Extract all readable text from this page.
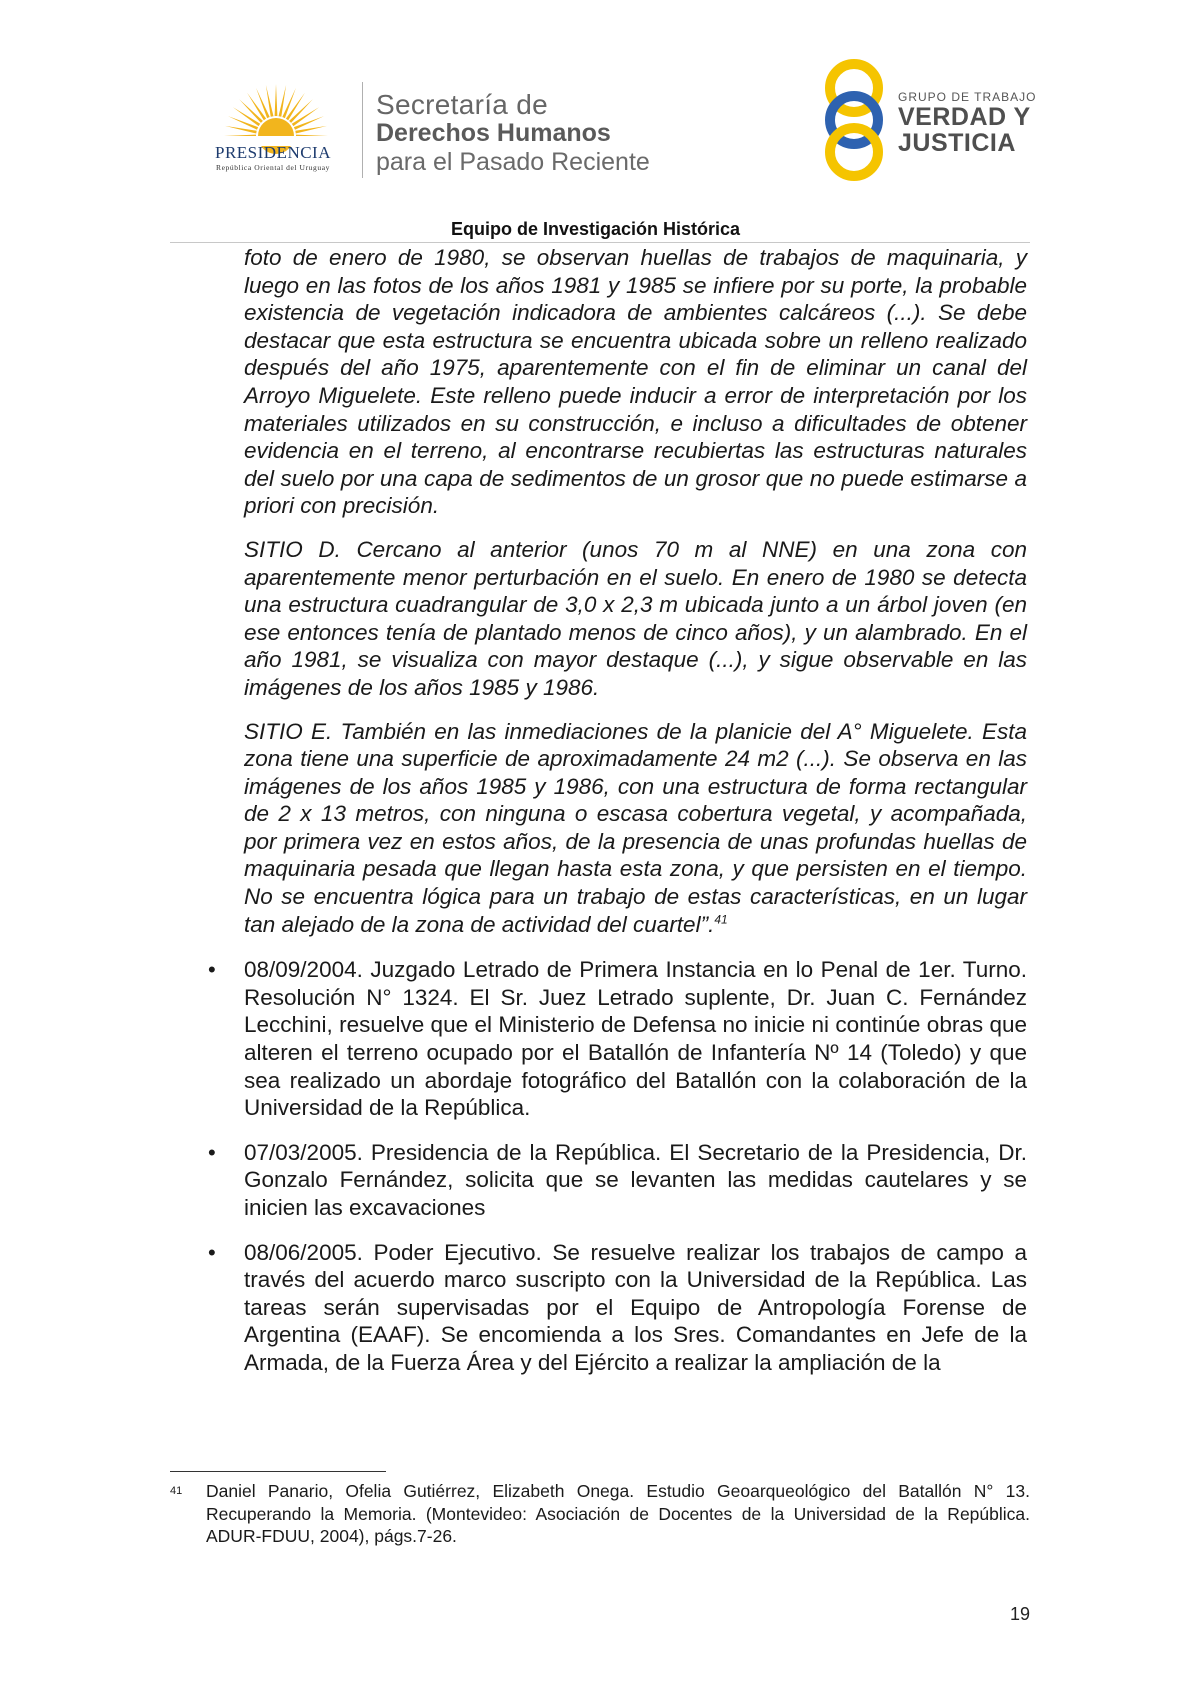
PRESIDENCIA
República Oriental del Uruguay
Secretaría de
Derechos Humanos
para el Pasado Reciente
GRUPO DE TRABAJO
VERDAD Y
JUSTICIA
Equipo de Investigación Histórica

foto de enero de 1980, se observan huellas de trabajos de maquinaria, y luego en las fotos de los años 1981 y 1985 se infiere por su porte, la probable existencia de vegetación indicadora de ambientes calcáreos (...). Se debe destacar que esta estructura se encuentra ubicada sobre un relleno realizado después del año 1975, aparentemente con el fin de eliminar un canal del Arroyo Miguelete. Este relleno puede inducir a error de interpretación por los materiales utilizados en su construcción, e incluso a dificultades de obtener evidencia en el terreno, al encontrarse recubiertas las estructuras naturales del suelo por una capa de sedimentos de un grosor que no puede estimarse a priori con precisión.

SITIO D. Cercano al anterior (unos 70 m al NNE) en una zona con aparentemente menor perturbación en el suelo. En enero de 1980 se detecta una estructura cuadrangular de 3,0 x 2,3 m ubicada junto a un árbol joven (en ese entonces tenía de plantado menos de cinco años), y un alambrado. En el año 1981, se visualiza con mayor destaque (...), y sigue observable en las imágenes de los años 1985 y 1986.

SITIO E. También en las inmediaciones de la planicie del A° Miguelete. Esta zona tiene una superficie de aproximadamente 24 m2 (...). Se observa en las imágenes de los años 1985 y 1986, con una estructura de forma rectangular de 2 x 13 metros, con ninguna o escasa cobertura vegetal, y acompañada, por primera vez en estos años, de la presencia de unas profundas huellas de maquinaria pesada que llegan hasta esta zona, y que persisten en el tiempo. No se encuentra lógica para un trabajo de estas características, en un lugar tan alejado de la zona de actividad del cuartel”.$^{41}$

• 08/09/2004. Juzgado Letrado de Primera Instancia en lo Penal de 1er. Turno. Resolución N° 1324. El Sr. Juez Letrado suplente, Dr. Juan C. Fernández Lecchini, resuelve que el Ministerio de Defensa no inicie ni continúe obras que alteren el terreno ocupado por el Batallón de Infantería Nº 14 (Toledo) y que sea realizado un abordaje fotográfico del Batallón con la colaboración de la Universidad de la República.
• 07/03/2005. Presidencia de la República. El Secretario de la Presidencia, Dr. Gonzalo Fernández, solicita que se levanten las medidas cautelares y se inicien las excavaciones
• 08/06/2005. Poder Ejecutivo. Se resuelve realizar los trabajos de campo a través del acuerdo marco suscripto con la Universidad de la República. Las tareas serán supervisadas por el Equipo de Antropología Forense de Argentina (EAAF). Se encomienda a los Sres. Comandantes en Jefe de la Armada, de la Fuerza Área y del Ejército a realizar la ampliación de la
41 Daniel Panario, Ofelia Gutiérrez, Elizabeth Onega. Estudio Geoarqueológico del Batallón N° 13. Recuperando la Memoria. (Montevideo: Asociación de Docentes de la Universidad de la República. ADUR-FDUU, 2004), págs.7-26.
19
